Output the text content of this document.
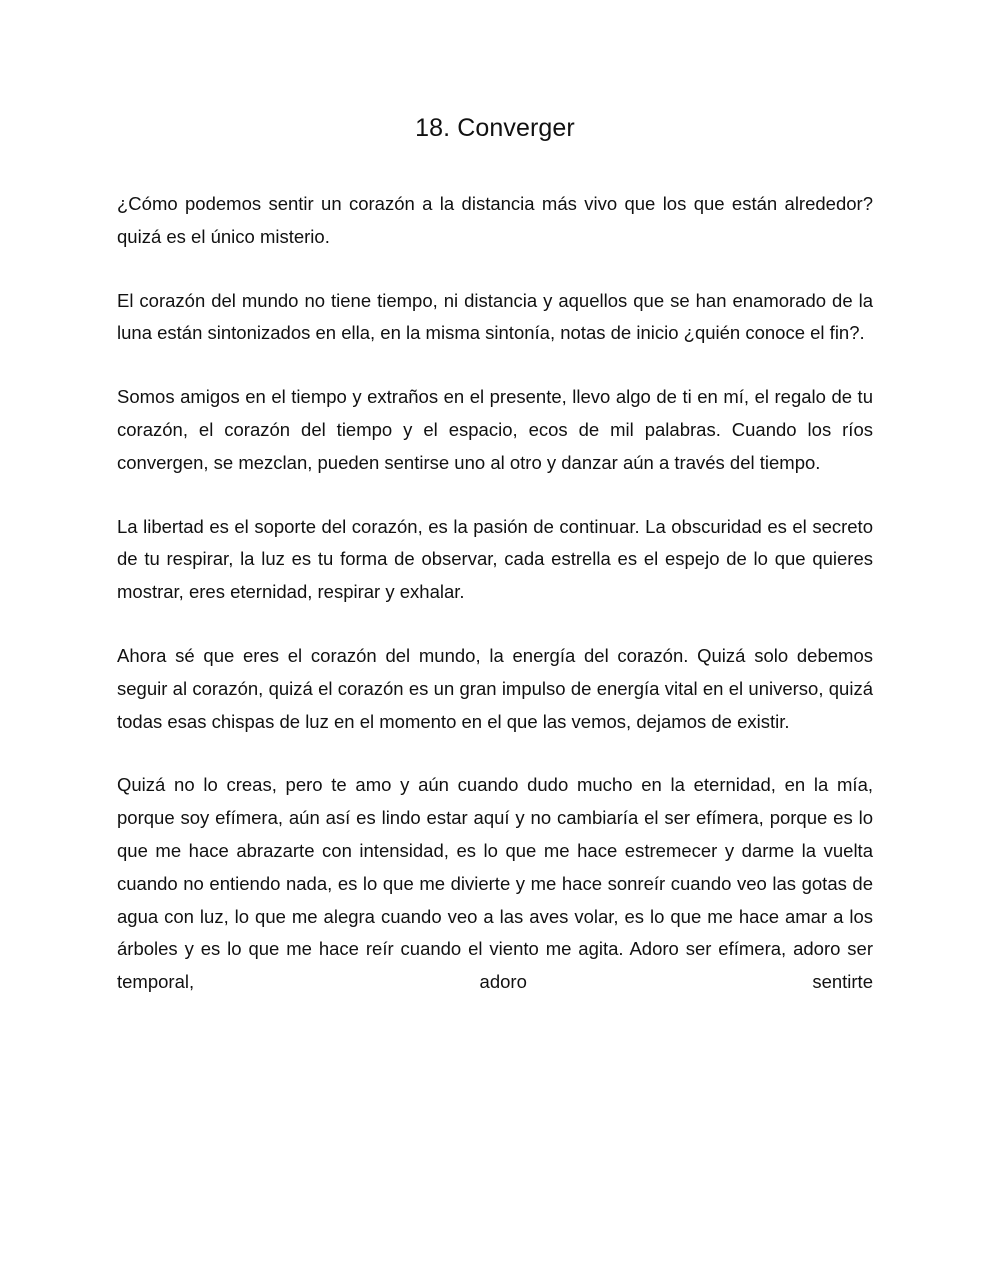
18. Converger

¿Cómo podemos sentir un corazón a la distancia más vivo que los que están alrededor? quizá es el único misterio.

El corazón del mundo no tiene tiempo, ni distancia y aquellos que se han enamorado de la luna están sintonizados en ella, en la misma sintonía, notas de inicio ¿quién conoce el fin?.

Somos amigos en el tiempo y extraños en el presente, llevo algo de ti en mí, el regalo de tu corazón, el corazón del tiempo y el espacio, ecos de mil palabras. Cuando los ríos convergen, se mezclan, pueden sentirse uno al otro y danzar aún a través del tiempo.

La libertad es el soporte del corazón, es la pasión de continuar. La obscuridad es el secreto de tu respirar, la luz es tu forma de observar, cada estrella es el espejo de lo que quieres mostrar, eres eternidad, respirar y exhalar.

Ahora sé que eres el corazón del mundo, la energía del corazón. Quizá solo debemos seguir al corazón, quizá el corazón es un gran impulso de energía vital en el universo, quizá todas esas chispas de luz en el momento en el que las vemos, dejamos de existir.

Quizá no lo creas, pero te amo y aún cuando dudo mucho en la eternidad, en la mía, porque soy efímera, aún así es lindo estar aquí y no cambiaría el ser efímera, porque es lo que me hace abrazarte con intensidad, es lo que me hace estremecer y darme la vuelta cuando no entiendo nada, es lo que me divierte y me hace sonreír cuando veo las gotas de agua con luz, lo que me alegra cuando veo a las aves volar, es lo que me hace amar a los árboles y es lo que me hace reír cuando el viento me agita. Adoro ser efímera, adoro ser temporal, adoro sentirte
